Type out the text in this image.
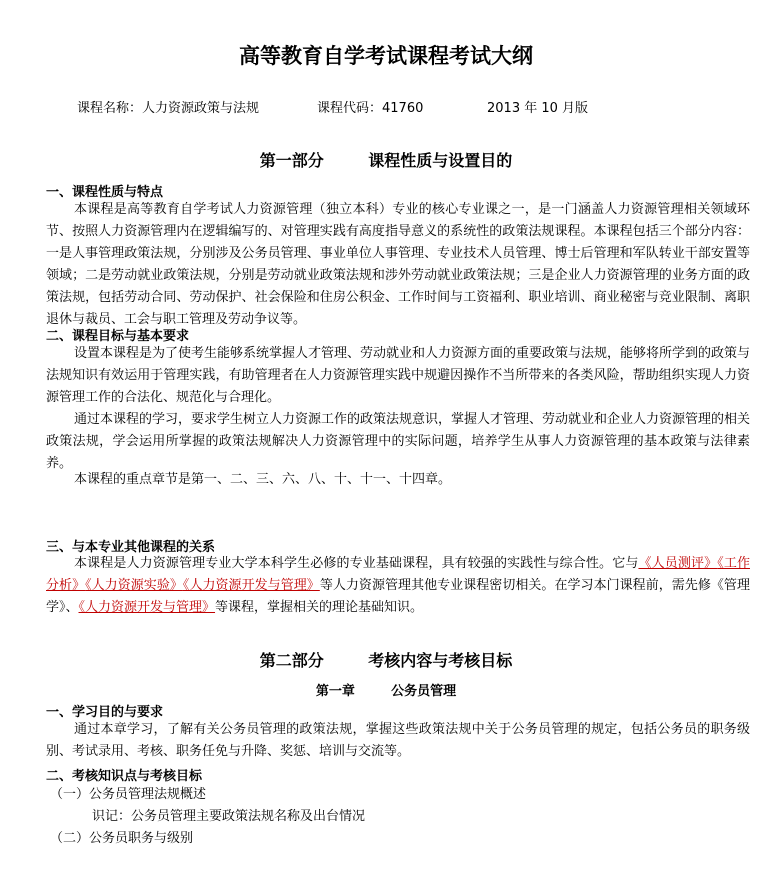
高等教育自学考试课程考试大纲
课程名称：人力资源政策与法规	课程代码：41760	2013 年 10 月版
第一部分        课程性质与设置目的
一、课程性质与特点
本课程是高等教育自学考试人力资源管理（独立本科）专业的核心专业课之一，是一门涵盖人力资源管理相关领域环节、按照人力资源管理内在逻辑编写的、对管理实践有高度指导意义的系统性的政策法规课程。本课程包括三个部分内容：一是人事管理政策法规，分别涉及公务员管理、事业单位人事管理、专业技术人员管理、博士后管理和军队转业干部安置等领域；二是劳动就业政策法规，分别是劳动就业政策法规和涉外劳动就业政策法规；三是企业人力资源管理的业务方面的政策法规，包括劳动合同、劳动保护、社会保险和住房公积金、工作时间与工资福利、职业培训、商业秘密与竞业限制、离职退休与裁员、工会与职工管理及劳动争议等。
二、课程目标与基本要求
设置本课程是为了使考生能够系统掌握人才管理、劳动就业和人力资源方面的重要政策与法规，能够将所学到的政策与法规知识有效运用于管理实践，有助管理者在人力资源管理实践中规避因操作不当所带来的各类风险，帮助组织实现人力资源管理工作的合法化、规范化与合理化。
通过本课程的学习，要求学生树立人力资源工作的政策法规意识，掌握人才管理、劳动就业和企业人力资源管理的相关政策法规，学会运用所掌握的政策法规解决人力资源管理中的实际问题，培养学生从事人力资源管理的基本政策与法律素养。
本课程的重点章节是第一、二、三、六、八、十、十一、十四章。
三、与本专业其他课程的关系
本课程是人力资源管理专业大学本科学生必修的专业基础课程，具有较强的实践性与综合性。它与《人员测评》《工作分析》《人力资源实验》《人力资源开发与管理》等人力资源管理其他专业课程密切相关。在学习本门课程前，需先修《管理学》、《人力资源开发与管理》等课程，掌握相关的理论基础知识。
第二部分        考核内容与考核目标
第一章        公务员管理
一、学习目的与要求
通过本章学习，了解有关公务员管理的政策法规，掌握这些政策法规中关于公务员管理的规定，包括公务员的职务级别、考试录用、考核、职务任免与升降、奖惩、培训与交流等。
二、考核知识点与考核目标
（一）公务员管理法规概述
识记：公务员管理主要政策法规名称及出台情况
（二）公务员职务与级别
